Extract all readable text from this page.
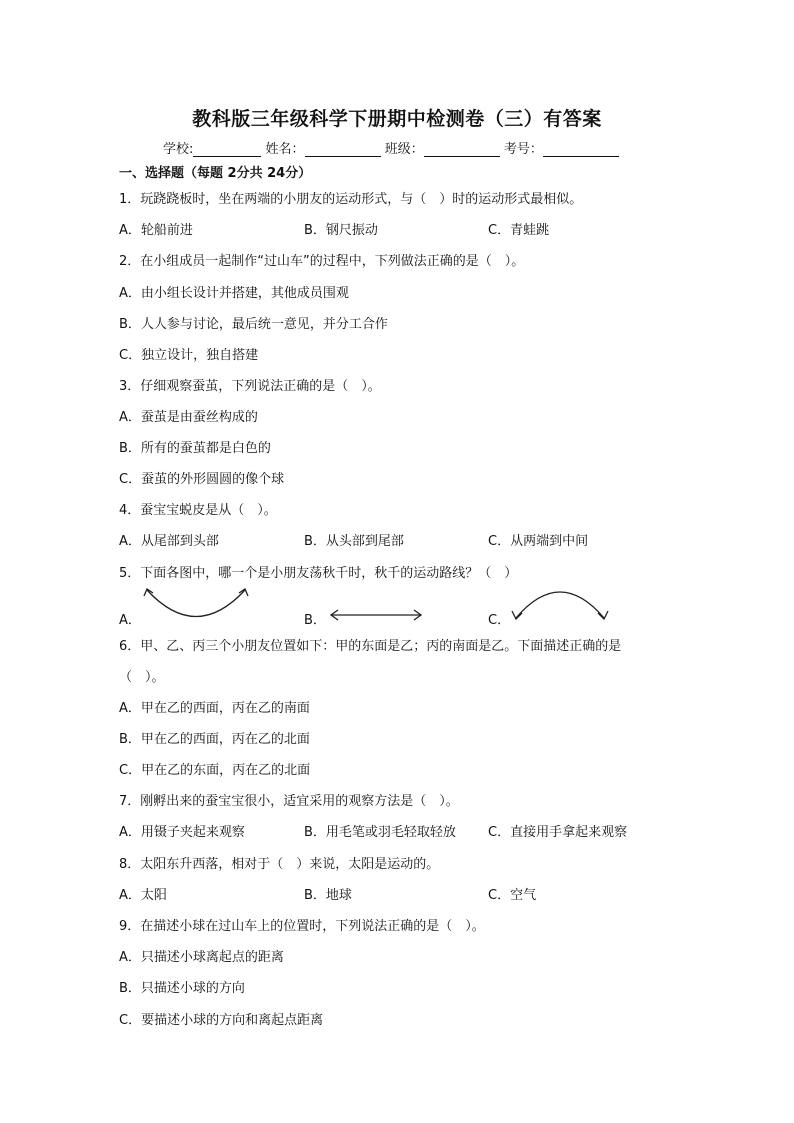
教科版三年级科学下册期中检测卷（三）有答案
学校:	姓名：	班级：	考号：
一、选择题（每题 2分共 24分）
1．玩跷跷板时，坐在两端的小朋友的运动形式，与（　）时的运动形式最相似。
A．轮船前进	B．钢尺振动	C．青蛙跳
2．在小组成员一起制作“过山车”的过程中，下列做法正确的是（　）。
A．由小组长设计并搭建，其他成员围观
B．人人参与讨论，最后统一意见，并分工合作
C．独立设计，独自搭建
3．仔细观察蚕茧，下列说法正确的是（　）。
A．蚕茧是由蚕丝构成的
B．所有的蚕茧都是白色的
C．蚕茧的外形圆圆的像个球
4．蚕宝宝蜕皮是从（　）。
A．从尾部到头部	B．从头部到尾部	C．从两端到中间
5．下面各图中，哪一个是小朋友荡秋千时，秋千的运动路线？（　）
A．	B．	C．
6．甲、乙、丙三个小朋友位置如下：甲的东面是乙；丙的南面是乙。下面描述正确的是
（　）。
A．甲在乙的西面，丙在乙的南面
B．甲在乙的西面，丙在乙的北面
C．甲在乙的东面，丙在乙的北面
7．刚孵出来的蚕宝宝很小，适宜采用的观察方法是（　）。
A．用镊子夹起来观察	B．用毛笔或羽毛轻取轻放 C．直接用手拿起来观察
8．太阳东升西落，相对于（　）来说，太阳是运动的。
A．太阳	B．地球	C．空气
9．在描述小球在过山车上的位置时，下列说法正确的是（　）。
A．只描述小球离起点的距离
B．只描述小球的方向
C．要描述小球的方向和离起点距离
